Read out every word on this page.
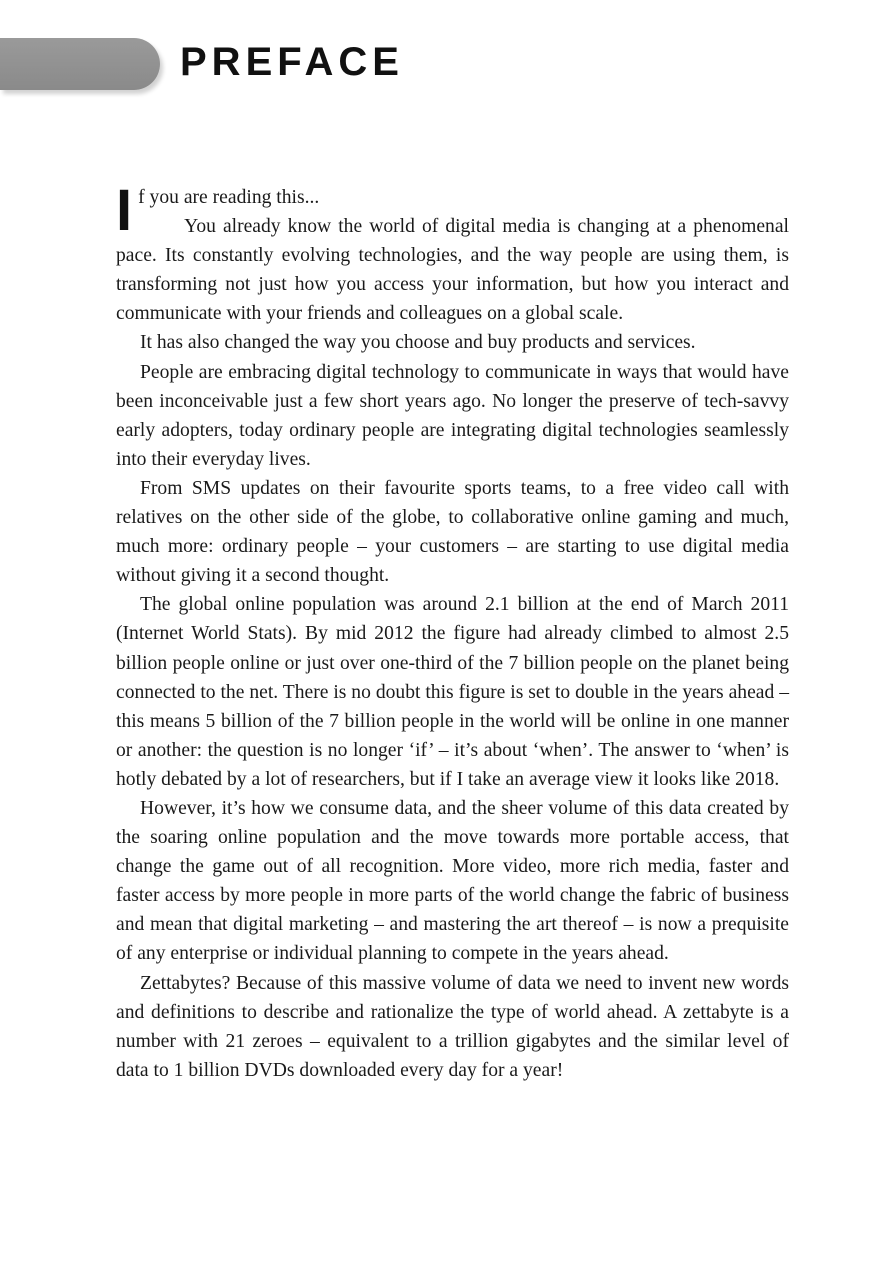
PREFACE

If you are reading this...

You already know the world of digital media is changing at a phenomenal pace. Its constantly evolving technologies, and the way people are using them, is transforming not just how you access your information, but how you interact and communicate with your friends and colleagues on a global scale.

It has also changed the way you choose and buy products and services.

People are embracing digital technology to communicate in ways that would have been inconceivable just a few short years ago. No longer the preserve of tech-savvy early adopters, today ordinary people are integrating digital technologies seamlessly into their everyday lives.

From SMS updates on their favourite sports teams, to a free video call with relatives on the other side of the globe, to collaborative online gaming and much, much more: ordinary people – your customers – are starting to use digital media without giving it a second thought.

The global online population was around 2.1 billion at the end of March 2011 (Internet World Stats). By mid 2012 the figure had already climbed to almost 2.5 billion people online or just over one-third of the 7 billion people on the planet being connected to the net. There is no doubt this figure is set to double in the years ahead – this means 5 billion of the 7 billion people in the world will be online in one manner or another: the question is no longer ‘if’ – it’s about ‘when’. The answer to ‘when’ is hotly debated by a lot of researchers, but if I take an average view it looks like 2018.

However, it’s how we consume data, and the sheer volume of this data created by the soaring online population and the move towards more portable access, that change the game out of all recognition. More video, more rich media, faster and faster access by more people in more parts of the world change the fabric of business and mean that digital marketing – and mastering the art thereof – is now a prequisite of any enterprise or individual planning to compete in the years ahead.

Zettabytes? Because of this massive volume of data we need to invent new words and definitions to describe and rationalize the type of world ahead. A zettabyte is a number with 21 zeroes – equivalent to a trillion gigabytes and the similar level of data to 1 billion DVDs downloaded every day for a year!
